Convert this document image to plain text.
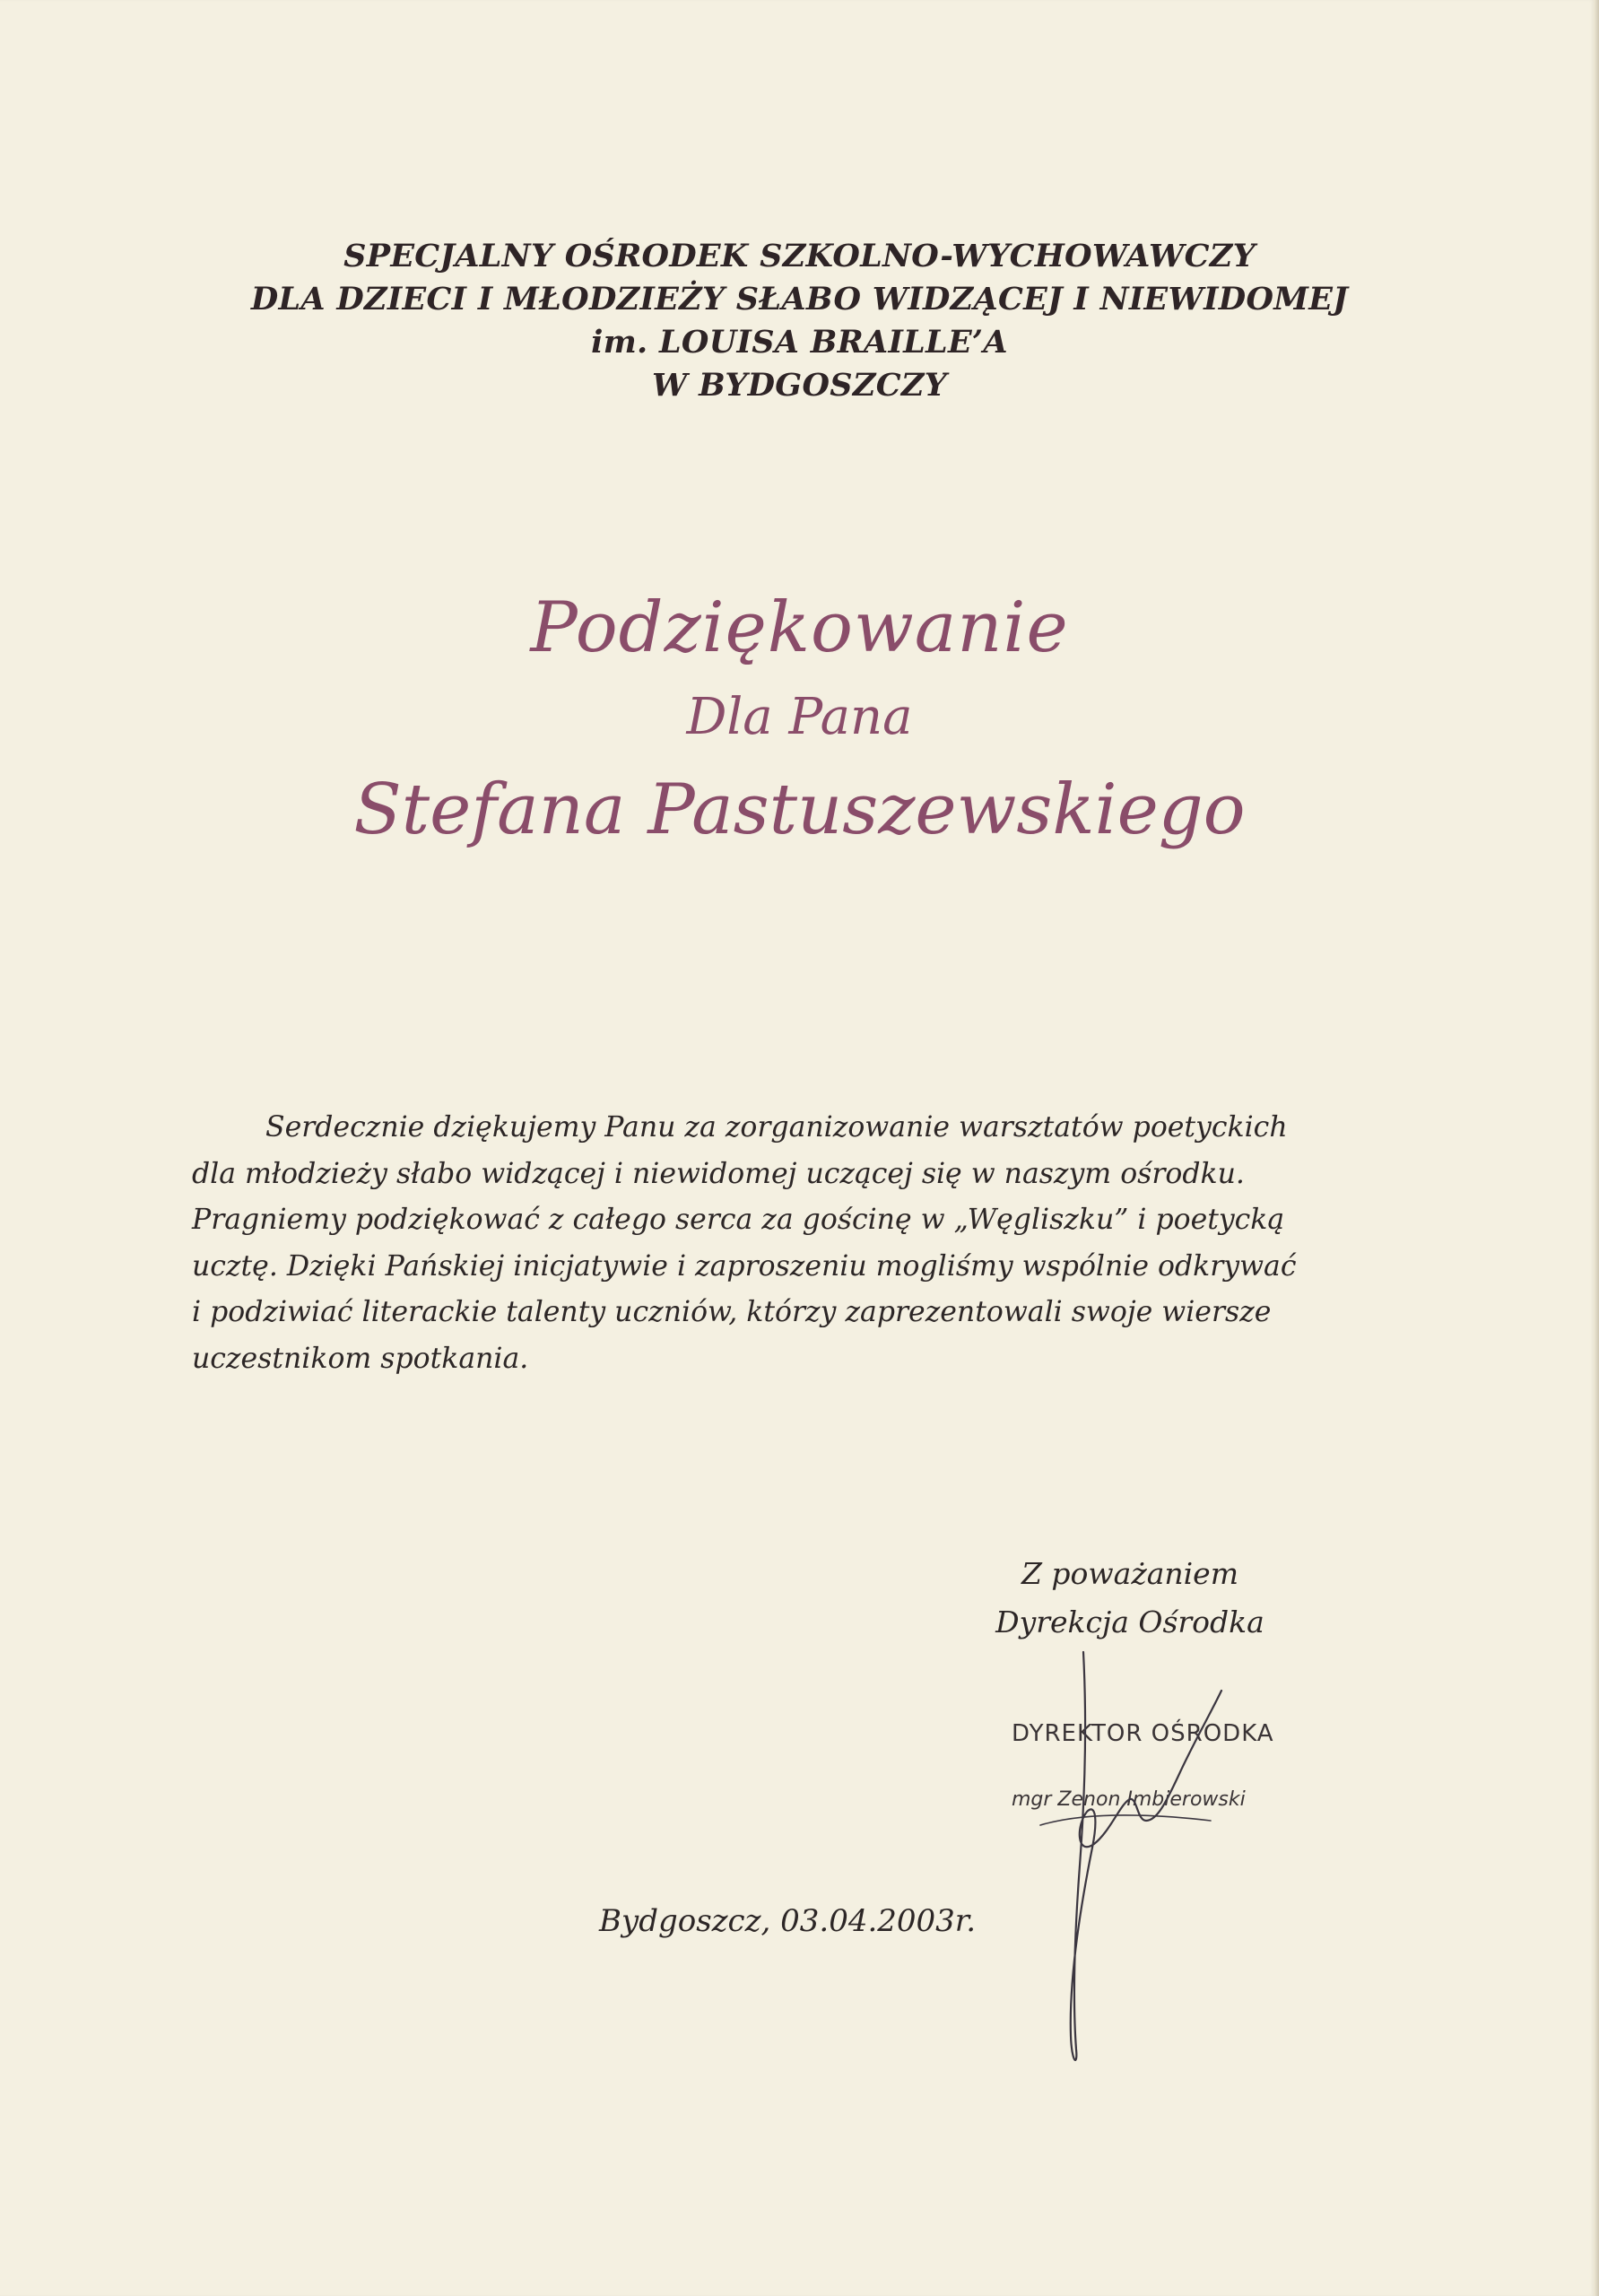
SPECJALNY OŚRODEK SZKOLNO-WYCHOWAWCZY
DLA DZIECI I MŁODZIEŻY SŁABO WIDZĄCEJ I NIEWIDOMEJ
im. LOUISA BRAILLE’A
W BYDGOSZCZY
Podziękowanie
Dla Pana
Stefana Pastuszewskiego
Serdecznie dziękujemy Panu za zorganizowanie warsztatów poetyckich
dla młodzieży słabo widzącej i niewidomej uczącej się w naszym ośrodku.
Pragniemy podziękować z całego serca za gościnę w „Węgliszku” i poetycką
ucztę. Dzięki Pańskiej inicjatywie i zaproszeniu mogliśmy wspólnie odkrywać
i podziwiać literackie talenty uczniów, którzy zaprezentowali swoje wiersze
uczestnikom spotkania.
Z poważaniem
Dyrekcja Ośrodka
DYREKTOR OŚRODKA
mgr Zenon Imbierowski
Bydgoszcz, 03.04.2003r.
